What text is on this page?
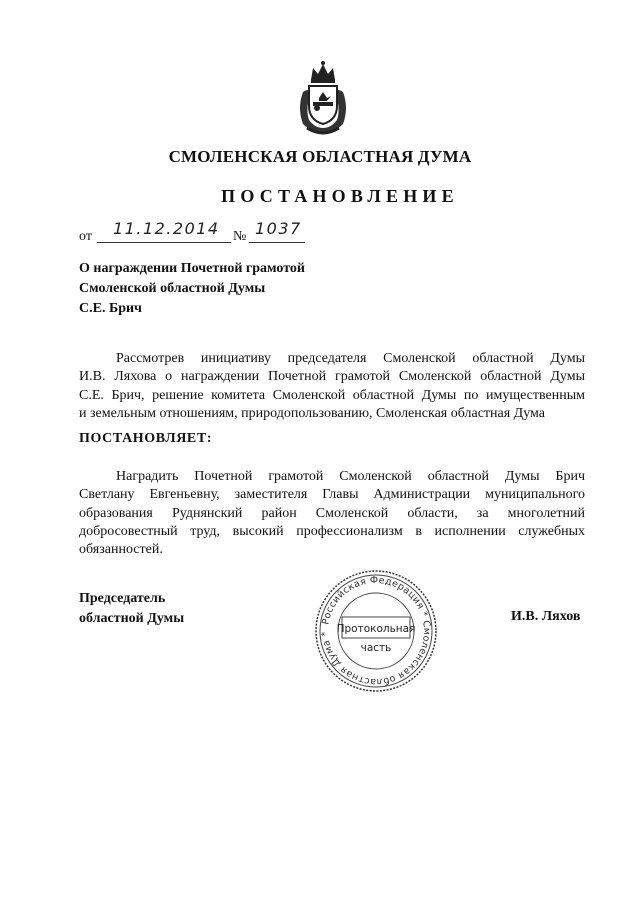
СМОЛЕНСКАЯ ОБЛАСТНАЯ ДУМА
ПОСТАНОВЛЕНИЕ
от 11.12.2014 № 1037
О награждении Почетной грамотой
Смоленской областной Думы
С.Е. Брич
Рассмотрев инициативу председателя Смоленской областной Думы
И.В. Ляхова о награждении Почетной грамотой Смоленской областной Думы
С.Е. Брич, решение комитета Смоленской областной Думы по имущественным
и земельным отношениям, природопользованию, Смоленская областная Дума
ПОСТАНОВЛЯЕТ:
Наградить Почетной грамотой Смоленской областной Думы Брич
Светлану Евгеньевну, заместителя Главы Администрации муниципального
образования Руднянский район Смоленской области, за многолетний
добросовестный труд, высокий профессионализм в исполнении служебных
обязанностей.
Председатель
областной Думы	Российская Федерация * Смоленская областная Дума * Протокольная
часть
И.В. Ляхов
